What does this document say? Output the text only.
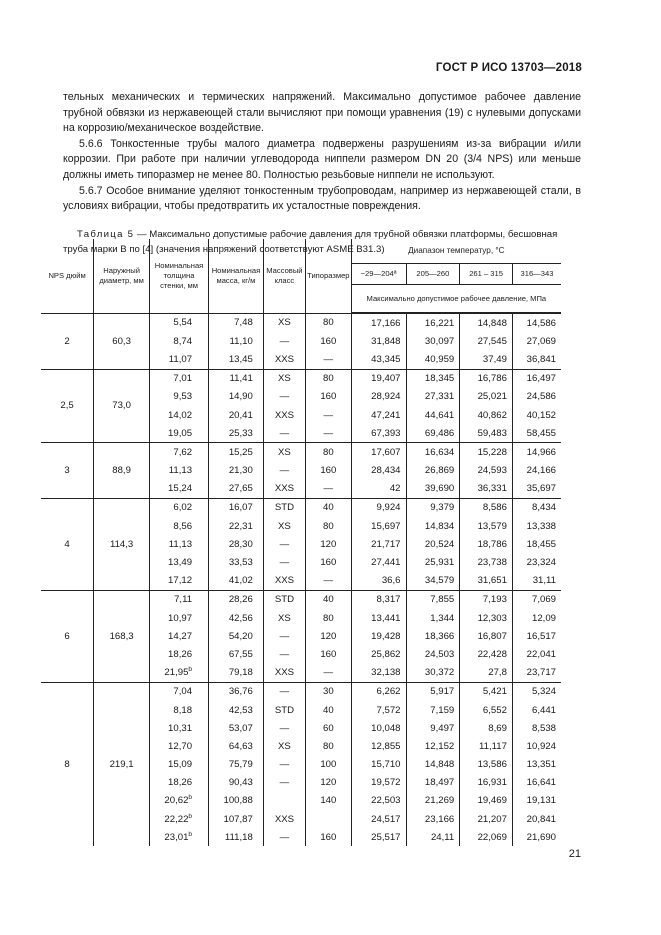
ГОСТ Р ИСО 13703—2018

тельных механических и термических напряжений. Максимально допустимое рабочее давление трубной обвязки из нержавеющей стали вычисляют при помощи уравнения (19) с нулевыми допусками на коррозию/механическое воздействие.

5.6.6 Тонкостенные трубы малого диаметра подвержены разрушениям из-за вибрации и/или коррозии. При работе при наличии углеводорода ниппели размером DN 20 (3/4 NPS) или меньше должны иметь типоразмер не менее 80. Полностью резьбовые ниппели не используют.

5.6.7 Особое внимание уделяют тонкостенным трубопроводам, например из нержавеющей стали, в условиях вибрации, чтобы предотвратить их усталостные повреждения.

Таблица 5 — Максимально допустимые рабочие давления для трубной обвязки платформы, бесшовная труба марки В по [4] (значения напряжений соответствуют ASME B31.3)
NPS дюйм	Наружный диаметр, мм	Номинальная толщина стенки, мм	Номинальная масса, кг/м	Массовый класс	Типоразмер	Диапазон температур, °С			
						−29—204ª	205—260	261 – 315	316—343
						Максимально допустимое рабочее давление, МПа			
2	60,3	5,54	7,48	XS	80	17,166	16,221	14,848	14,586
		8,74	11,10	—	160	31,848	30,097	27,545	27,069
		11,07	13,45	XXS	—	43,345	40,959	37,49	36,841
2,5	73,0	7,01	11,41	XS	80	19,407	18,345	16,786	16,497
		9,53	14,90	—	160	28,924	27,331	25,021	24,586
		14,02	20,41	XXS	—	47,241	44,641	40,862	40,152
		19,05	25,33	—	—	67,393	69,486	59,483	58,455
3	88,9	7,62	15,25	XS	80	17,607	16,634	15,228	14,966
		11,13	21,30	—	160	28,434	26,869	24,593	24,166
		15,24	27,65	XXS	—	42	39,690	36,331	35,697
4	114,3	6,02	16,07	STD	40	9,924	9,379	8,586	8,434
		8,56	22,31	XS	80	15,697	14,834	13,579	13,338
		11,13	28,30	—	120	21,717	20,524	18,786	18,455
		13,49	33,53	—	160	27,441	25,931	23,738	23,324
		17,12	41,02	XXS	—	36,6	34,579	31,651	31,11
6	168,3	7,11	28,26	STD	40	8,317	7,855	7,193	7,069
		10,97	42,56	XS	80	13,441	1,344	12,303	12,09
		14,27	54,20	—	120	19,428	18,366	16,807	16,517
		18,26	67,55	—	160	25,862	24,503	22,428	22,041
		21,95$^b$	79,18	XXS	—	32,138	30,372	27,8	23,717
8	219,1	7,04	36,76	—	30	6,262	5,917	5,421	5,324
		8,18	42,53	STD	40	7,572	7,159	6,552	6,441
		10,31	53,07	—	60	10,048	9,497	8,69	8,538
		12,70	64,63	XS	80	12,855	12,152	11,117	10,924
		15,09	75,79	—	100	15,710	14,848	13,586	13,351
		18,26	90,43	—	120	19,572	18,497	16,931	16,641
		20,62$^b$	100,88		140	22,503	21,269	19,469	19,131
		22,22$^b$	107,87	XXS		24,517	23,166	21,207	20,841
		23,01$^b$	111,18	—	160	25,517	24,11	22,069	21,690
21
